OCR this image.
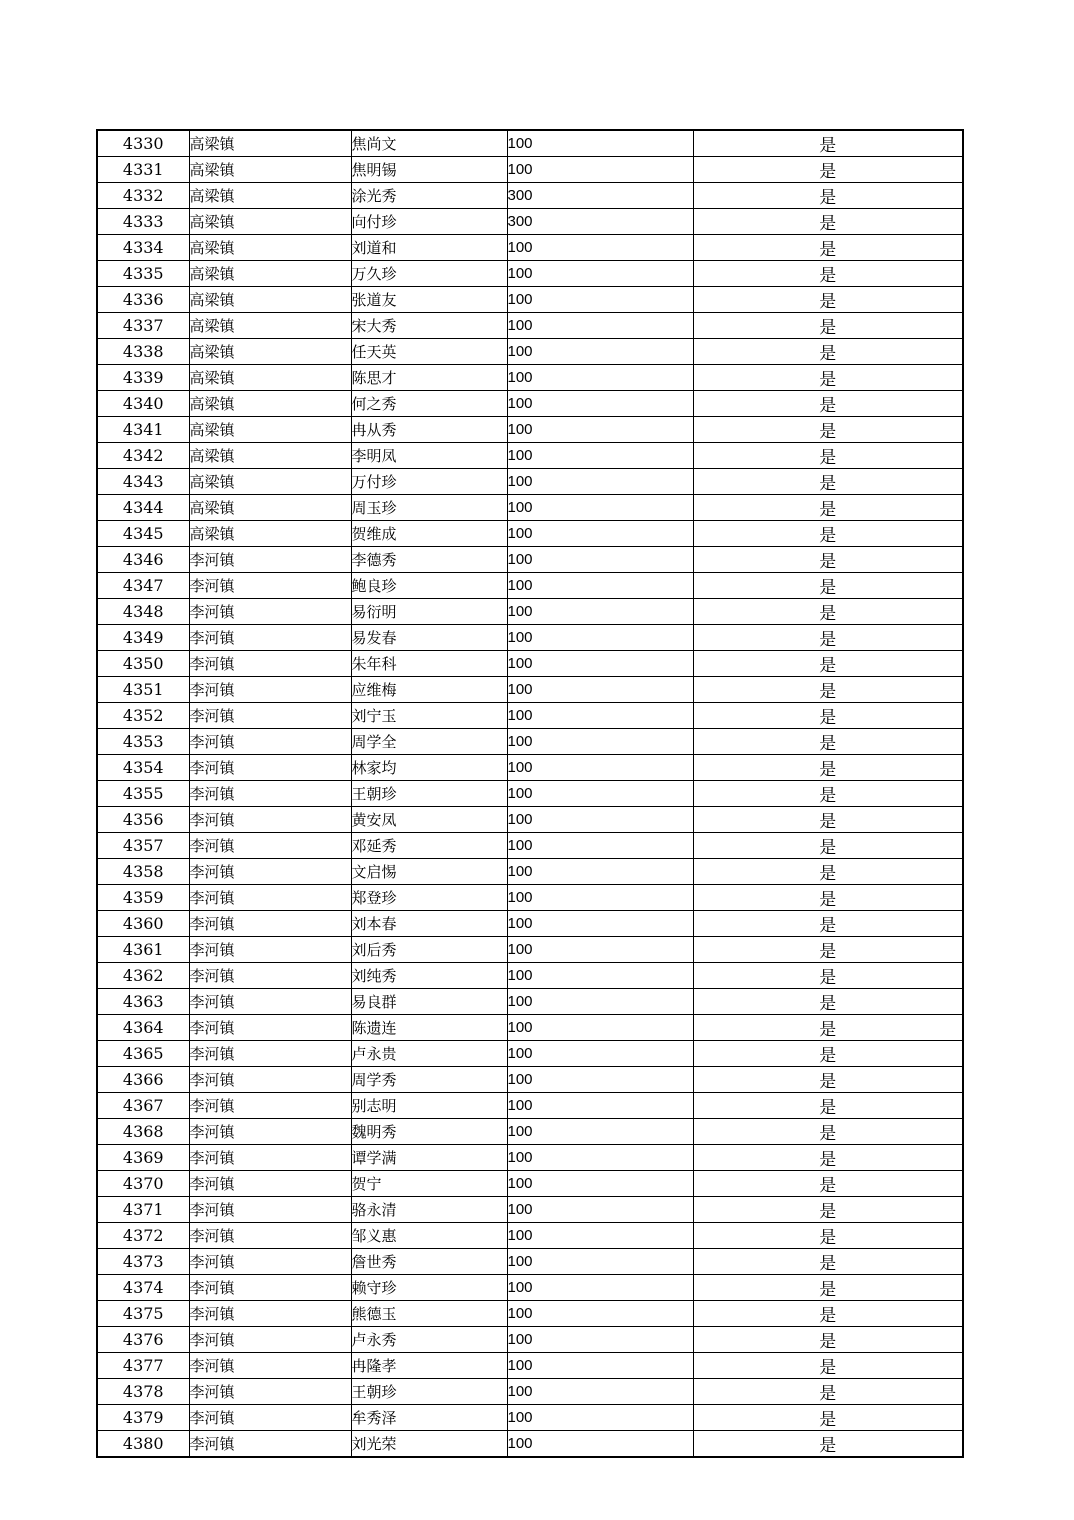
4330	高梁镇	焦尚文	100	是
4331	高梁镇	焦明锡	100	是
4332	高梁镇	涂光秀	300	是
4333	高梁镇	向付珍	300	是
4334	高梁镇	刘道和	100	是
4335	高梁镇	万久珍	100	是
4336	高梁镇	张道友	100	是
4337	高梁镇	宋大秀	100	是
4338	高梁镇	任天英	100	是
4339	高梁镇	陈思才	100	是
4340	高梁镇	何之秀	100	是
4341	高梁镇	冉从秀	100	是
4342	高梁镇	李明凤	100	是
4343	高梁镇	万付珍	100	是
4344	高梁镇	周玉珍	100	是
4345	高梁镇	贺维成	100	是
4346	李河镇	李德秀	100	是
4347	李河镇	鲍良珍	100	是
4348	李河镇	易衍明	100	是
4349	李河镇	易发春	100	是
4350	李河镇	朱年科	100	是
4351	李河镇	应维梅	100	是
4352	李河镇	刘宁玉	100	是
4353	李河镇	周学全	100	是
4354	李河镇	林家均	100	是
4355	李河镇	王朝珍	100	是
4356	李河镇	黄安凤	100	是
4357	李河镇	邓延秀	100	是
4358	李河镇	文启惕	100	是
4359	李河镇	郑登珍	100	是
4360	李河镇	刘本春	100	是
4361	李河镇	刘后秀	100	是
4362	李河镇	刘纯秀	100	是
4363	李河镇	易良群	100	是
4364	李河镇	陈遗连	100	是
4365	李河镇	卢永贵	100	是
4366	李河镇	周学秀	100	是
4367	李河镇	别志明	100	是
4368	李河镇	魏明秀	100	是
4369	李河镇	谭学满	100	是
4370	李河镇	贺宁	100	是
4371	李河镇	骆永清	100	是
4372	李河镇	邹义惠	100	是
4373	李河镇	詹世秀	100	是
4374	李河镇	赖守珍	100	是
4375	李河镇	熊德玉	100	是
4376	李河镇	卢永秀	100	是
4377	李河镇	冉隆孝	100	是
4378	李河镇	王朝珍	100	是
4379	李河镇	牟秀泽	100	是
4380	李河镇	刘光荣	100	是
